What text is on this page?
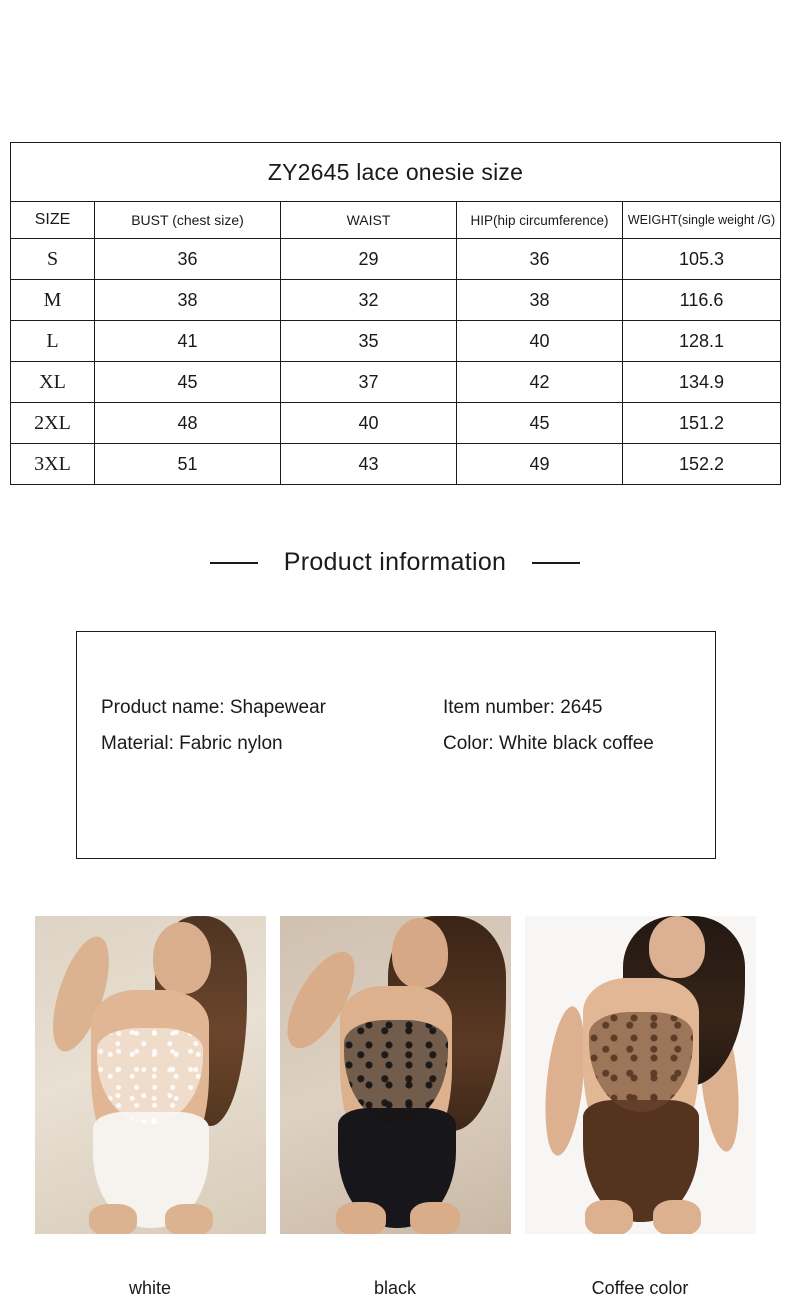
ZY2645 lace onesie size				
SIZE	BUST (chest size)	WAIST	HIP(hip circumference)	WEIGHT(single weight /G)
S	36	29	36	105.3
M	38	32	38	116.6
L	41	35	40	128.1
XL	45	37	42	134.9
2XL	48	40	45	151.2
3XL	51	43	49	152.2
Product information
Product name: Shapewear	Item number: 2645
Material: Fabric nylon	Color: White black coffee
white	black	Coffee color
